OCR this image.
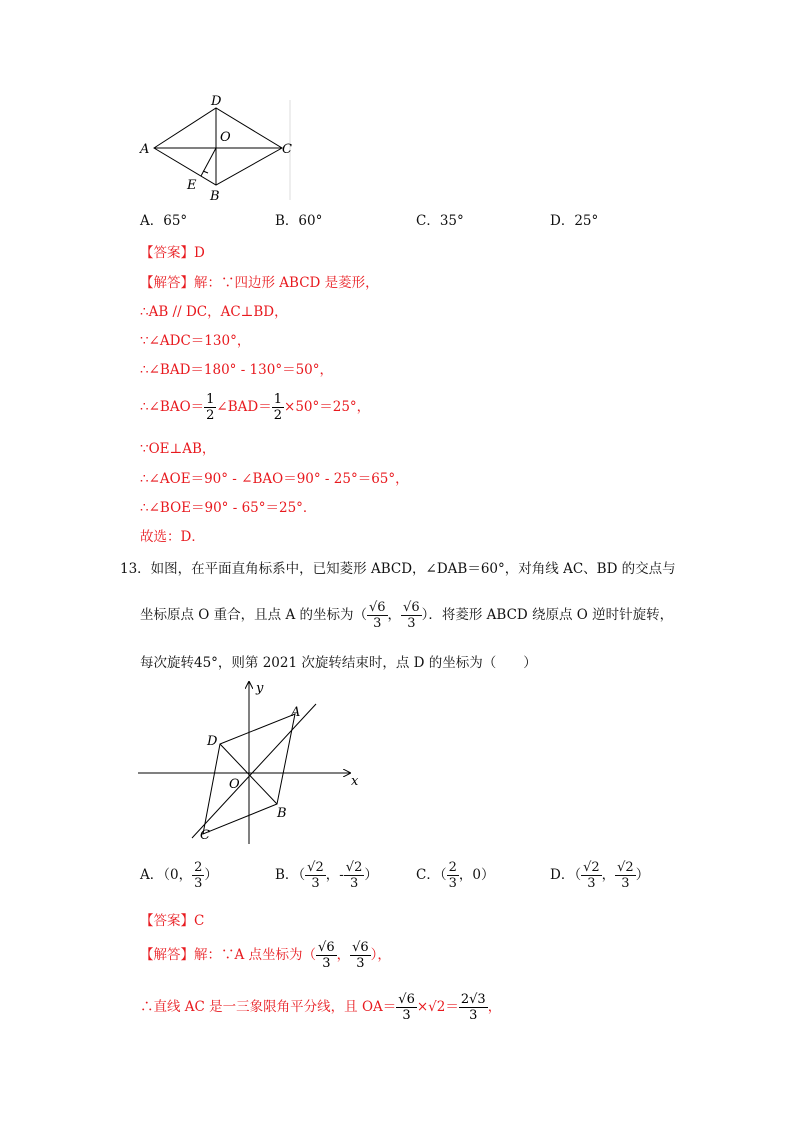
A
B
C
D
E
O
A．65°	B．60°	C．35°	D．25°
【答案】D
【解答】解：∵四边形 ABCD 是菱形，
∴AB // DC，AC⊥BD，
∵∠ADC＝130°，
∴∠BAD＝180° - 130°＝50°，
∴∠BAO＝ $\frac{1}{2}$ ∠BAD＝ $\frac{1}{2} \times 50^\circ=25^\circ$，
∵OE⊥AB，
∴∠AOE＝90° - ∠BAO＝90° - 25°＝65°，
∴∠BOE＝90° - 65°＝25°．
故选：D．
13．如图，在平面直角标系中，已知菱形 ABCD，∠DAB＝60°，对角线 AC、BD 的交点与
坐标原点 O 重合，且点 A 的坐标为（ $\frac{√6}{3}$ ， $\frac{√6}{3}$ ）．将菱形 ABCD 绕原点 O 逆时针旋转，
每次旋转45°，则第 2021 次旋转结束时，点 D 的坐标为（　　）
y
x
A
B
C
D
O
A．（0， $\frac{2}{3}$ ）	B．（ $\frac{√2}{3}$ ，- $\frac{√2}{3}$ ）	C．（ $\frac{2}{3}$ ，0）	D．（ $\frac{√2}{3}$ ， $\frac{√2}{3}$ ）
【答案】C
【解答】解：∵A 点坐标为（ $\frac{√6}{3}$ ， $\frac{√6}{3}$ ），
∴直线 AC 是一三象限角平分线，且 $OA= \frac{√6}{3} \times√2= \frac{2√3}{3}$ ，
